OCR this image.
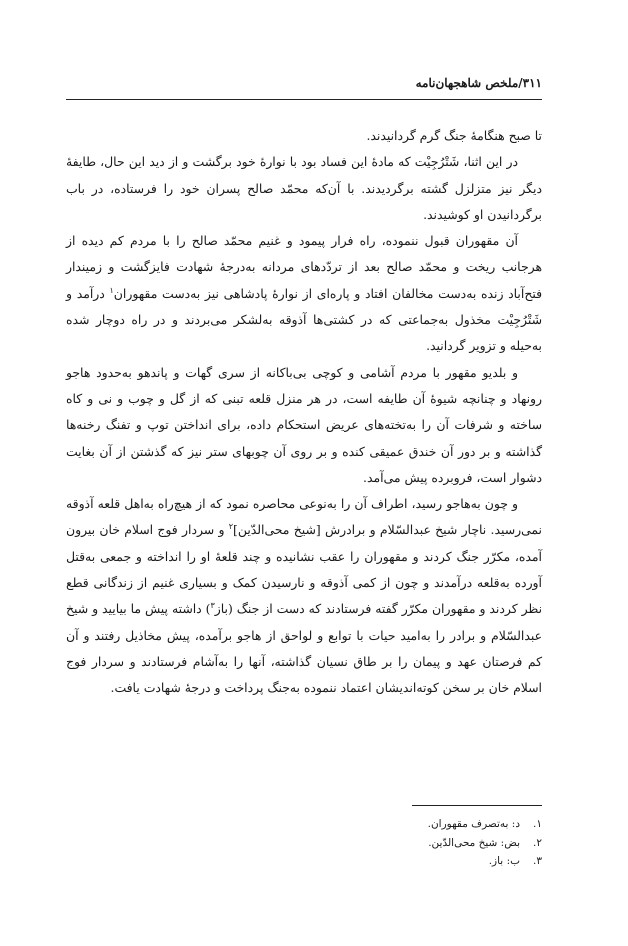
۳۱۱/ملخص شاهجهان‌نامه

تا صبح هنگامهٔ جنگ گرم گردانیدند.

در این اثنا، شَتْرُجِیْت که مادهٔ این فساد بود با نوارهٔ خود برگشت و از دید این حال، طایفهٔ دیگر نیز متزلزل گشته برگردیدند. با آن‌که محمّد صالح پسران خود را فرستاده، در باب برگردانیدن او کوشیدند.

آن مقهوران قبول ننموده، راه فرار پیمود و غنیم محمّد صالح را با مردم کم دیده از هرجانب ریخت و محمّد صالح بعد از تردّدهای مردانه به‌درجهٔ شهادت فایزگشت و زمیندار فتح‌آباد زنده به‌دست مخالفان افتاد و پاره‌ای از نوارهٔ پادشاهی نیز به‌دست مقهوران$^۱$ درآمد و شَتْرُجِیْت مخذول به‌جماعتی که در کشتی‌ها آذوقه به‌لشکر می‌بردند و در راه دوچار شده به‌حیله و تزویر گردانید.

و بلدیو مقهور با مردم آشامی و کوچی بی‌باکانه از سری گهات و پاندهو به‌حدود هاجو رونهاد و چنانچه شیوهٔ آن طایفه است، در هر منزل قلعه تبنی که از گل و چوب و نی و کاه ساخته و شرفات آن را به‌تخته‌های عریض استحکام داده، برای انداختن توپ و تفنگ رخنه‌ها گذاشته و بر دور آن خندق عمیقی کنده و بر روی آن چوبهای ستر نیز که گذشتن از آن بغایت دشوار است، فروبرده پیش می‌آمد.

و چون به‌هاجو رسید، اطراف آن را به‌نوعی محاصره نمود که از هیچ‌راه به‌اهل قلعه آذوقه نمی‌رسید. ناچار شیخ عبدالسّلام و برادرش [شیخ محی‌الدّین]$^۲$ و سردار فوج اسلام خان بیرون آمده، مکرّر جنگ کردند و مقهوران را عقب نشانیده و چند قلعهٔ او را انداخته و جمعی به‌قتل آورده به‌قلعه درآمدند و چون از کمی آذوقه و نارسیدن کمک و بسیاری غنیم از زندگانی قطع نظر کردند و مقهوران مکرّر گفته فرستادند که دست از جنگ (باز$^۳$) داشته پیش ما بیایید و شیخ عبدالسّلام و برادر را به‌امید حیات با توابع و لواحق از هاجو برآمده، پیش مخاذیل رفتند و آن کم فرصتان عهد و پیمان را بر طاق نسیان گذاشته، آنها را به‌آشام فرستادند و سردار فوج اسلام خان بر سخن کوته‌اندیشان اعتماد ننموده به‌جنگ پرداخت و درجهٔ شهادت یافت.

۱.
د: به‌تصرف مقهوران.
۲.
بض: شیخ محی‌الدّین.
۳.
ب: باز.
